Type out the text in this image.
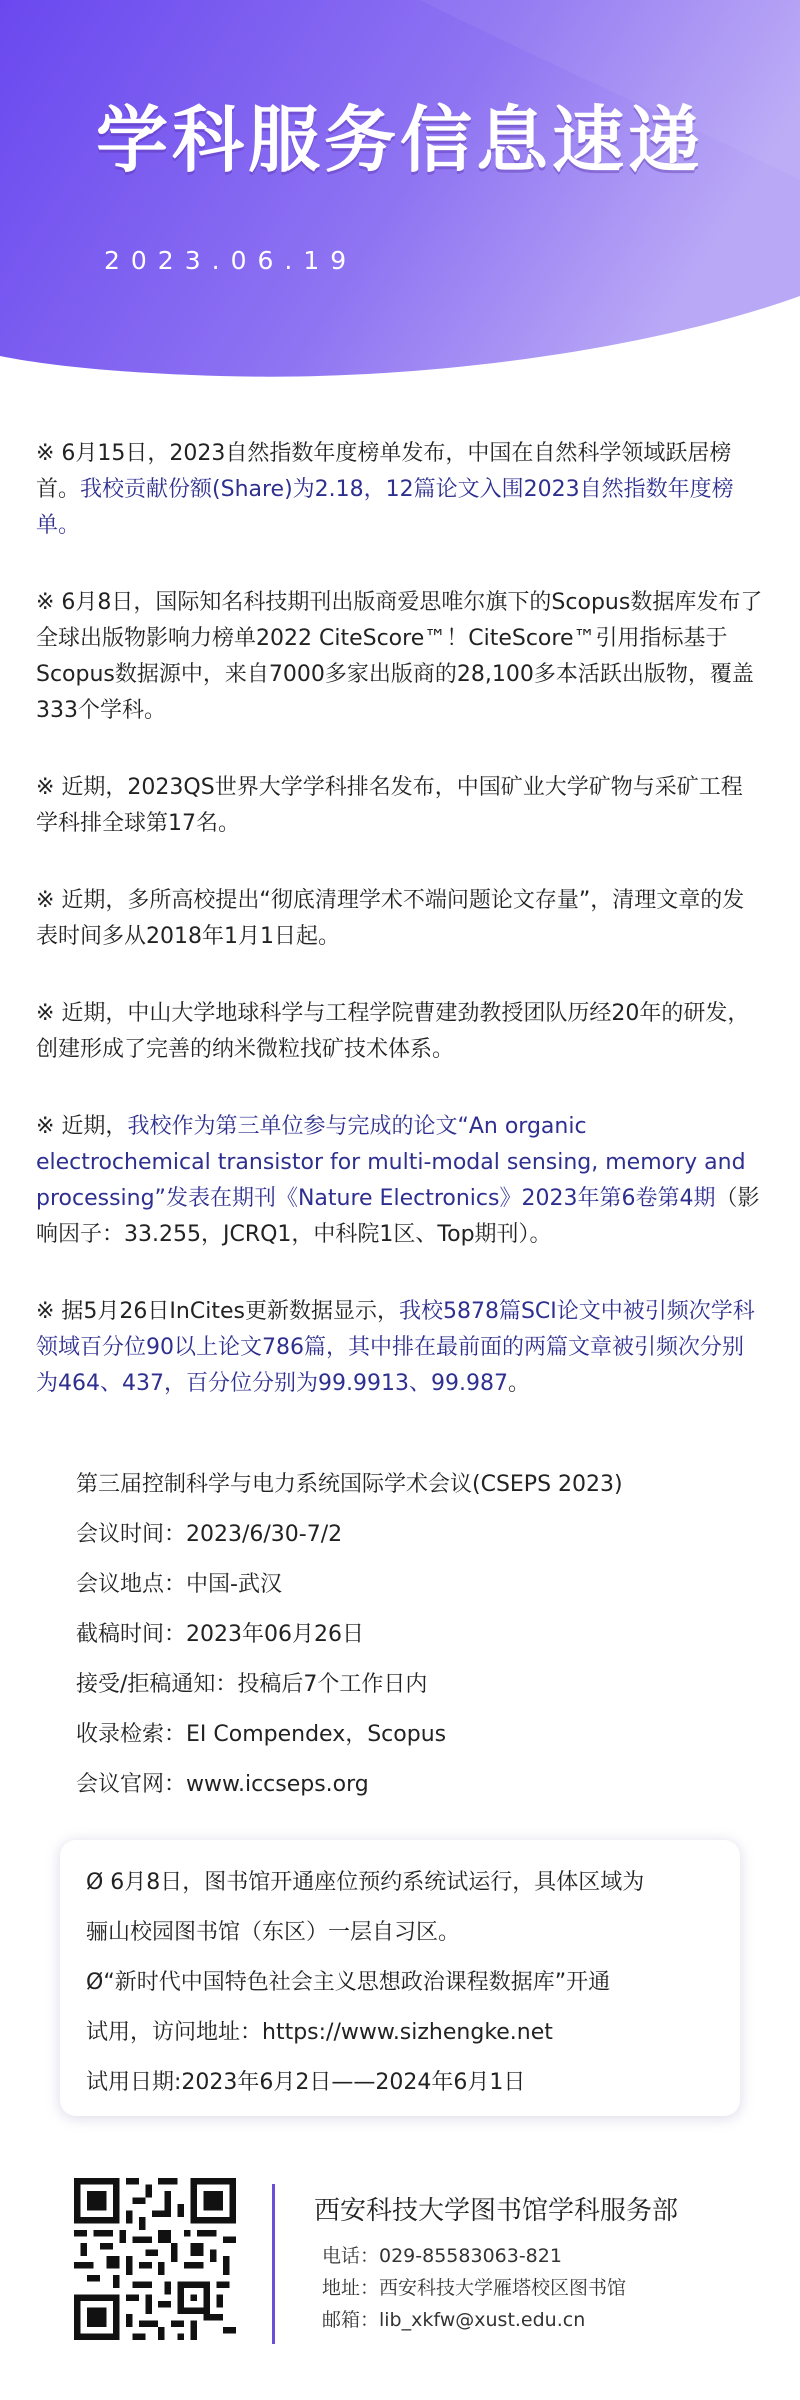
学科服务信息速递
2023.06.19

※ 6月15日，2023自然指数年度榜单发布，中国在自然科学领域跃居榜首。我校贡献份额(Share)为2.18，12篇论文入围2023自然指数年度榜单。

※ 6月8日，国际知名科技期刊出版商爱思唯尔旗下的Scopus数据库发布了全球出版物影响力榜单2022 CiteScore™！CiteScore™引用指标基于Scopus数据源中，来自7000多家出版商的28,100多本活跃出版物，覆盖333个学科。

※ 近期，2023QS世界大学学科排名发布，中国矿业大学矿物与采矿工程学科排全球第17名。

※ 近期，多所高校提出“彻底清理学术不端问题论文存量”，清理文章的发表时间多从2018年1月1日起。

※ 近期，中山大学地球科学与工程学院曹建劲教授团队历经20年的研发，创建形成了完善的纳米微粒找矿技术体系。

※ 近期，我校作为第三单位参与完成的论文“An organic electrochemical transistor for multi-modal sensing, memory and processing”发表在期刊《Nature Electronics》2023年第6卷第4期（影响因子：33.255，JCRQ1，中科院1区、Top期刊）。

※ 据5月26日InCites更新数据显示，我校5878篇SCI论文中被引频次学科领域百分位90以上论文786篇，其中排在最前面的两篇文章被引频次分别为464、437，百分位分别为99.9913、99.987。

第三届控制科学与电力系统国际学术会议(CSEPS 2023)
会议时间：2023/6/30-7/2
会议地点：中国-武汉
截稿时间：2023年06月26日
接受/拒稿通知：投稿后7个工作日内
收录检索：EI Compendex，Scopus
会议官网：www.iccseps.org
Ø 6月8日，图书馆开通座位预约系统试运行，具体区域为
骊山校园图书馆（东区）一层自习区。
Ø“新时代中国特色社会主义思想政治课程数据库”开通
试用，访问地址：https://www.sizhengke.net
试用日期:2023年6月2日——2024年6月1日
西安科技大学图书馆学科服务部
电话：029-85583063-821
地址：西安科技大学雁塔校区图书馆
邮箱：lib_xkfw@xust.edu.cn
